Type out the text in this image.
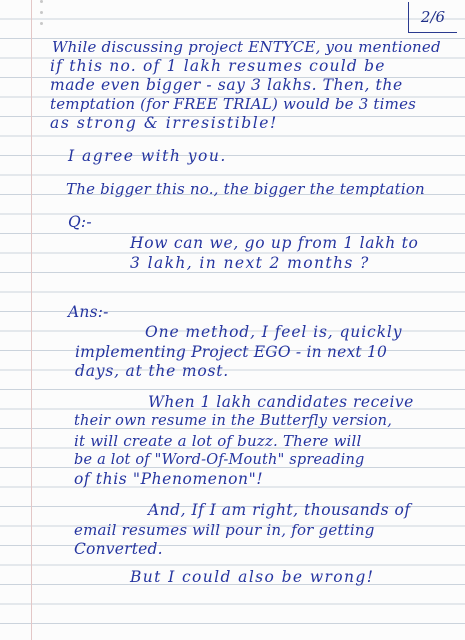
2/6

While discussing project ENTYCE, you mentioned

if this no. of 1 lakh resumes could be

made even bigger - say 3 lakhs. Then, the

temptation (for FREE TRIAL) would be 3 times

as strong & irresistible!

I agree with you.

The bigger this no., the bigger the temptation

Q:-

How can we, go up from 1 lakh to

3 lakh, in next 2 months ?

Ans:-

One method, I feel is, quickly

implementing Project EGO - in next 10

days, at the most.

When 1 lakh candidates receive

their own resume in the Butterfly version,

it will create a lot of buzz. There will

be a lot of "Word-Of-Mouth" spreading

of this "Phenomenon"!

And, If I am right, thousands of

email resumes will pour in, for getting

Converted.

But I could also be wrong!
